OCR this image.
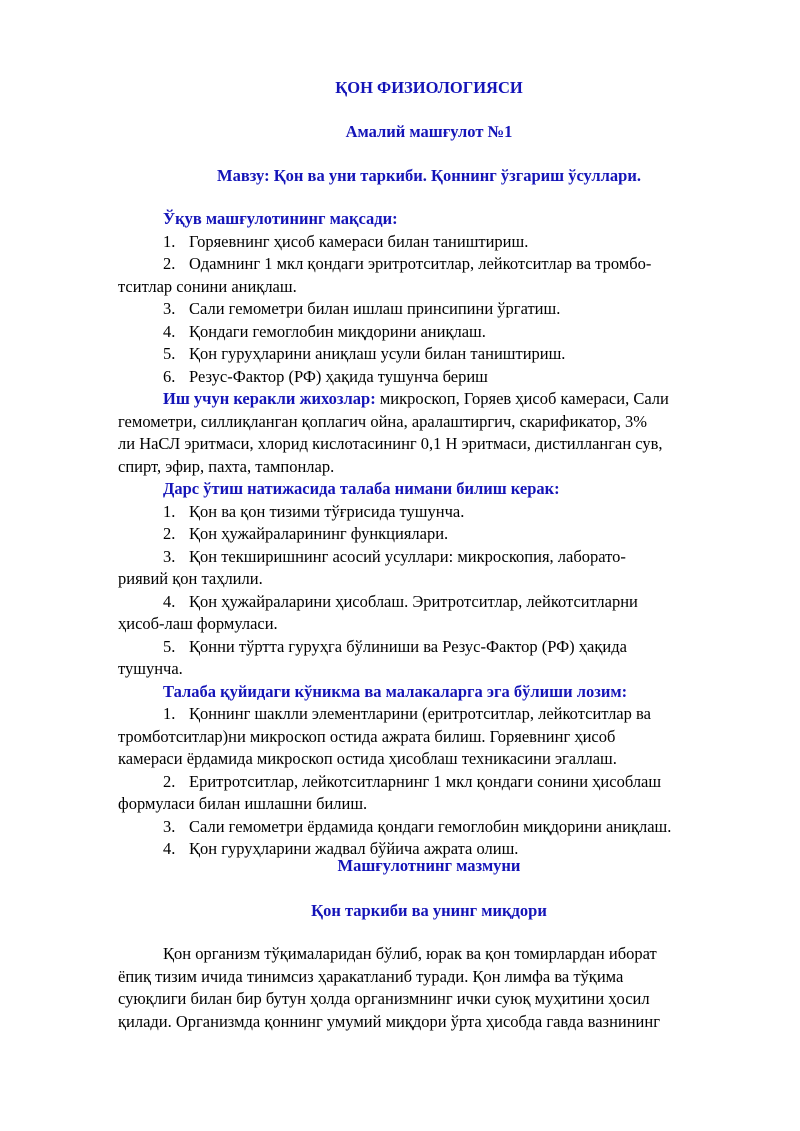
ҚОН ФИЗИОЛОГИЯСИ
Амалий машғулот №1
Мавзу: Қон ва уни таркиби. Қоннинг ўзгариш ўсуллари.

Ўқув машғулотининг мақсади:

1. Горяевнинг ҳисоб камераси билан таништириш.

2. Одамнинг 1 мкл қондаги эритротситлар, лейкотситлар ва тромбо-

тситлар сонини аниқлаш.

3. Сали гемометри билан ишлаш принсипини ўргатиш.

4. Қондаги гемоглобин миқдорини аниқлаш.

5. Қон гуруҳларини аниқлаш усули билан таништириш.

6. Резус-Фактор (РФ) ҳақида тушунча бериш

Иш учун керакли жихозлар: микроскоп, Горяев ҳисоб камераси, Сали

гемометри, силлиқланган қоплагич ойна, аралаштиргич, скарификатор, 3%

ли НаСЛ эритмаси, хлорид кислотасининг 0,1 Н эритмаси, дистилланган сув,

спирт, эфир, пахта, тампонлар.

Дарс ўтиш натижасида талаба нимани билиш керак:

1. Қон ва қон тизими тўғрисида тушунча.

2. Қон ҳужайраларининг функциялари.

3. Қон текширишнинг асосий усуллари: микроскопия, лаборато-

риявий қон таҳлили.

4. Қон ҳужайраларини ҳисоблаш. Эритротситлар, лейкотситларни

ҳисоб-лаш формуласи.

5. Қонни тўртта гуруҳга бўлиниши ва Резус-Фактор (РФ) ҳақида

тушунча.

Талаба қуйидаги кўникма ва малакаларга эга бўлиши лозим:

1. Қоннинг шаклли элементларини (еритротситлар, лейкотситлар ва

тромботситлар)ни микроскоп остида ажрата билиш. Горяевнинг ҳисоб

камераси ёрдамида микроскоп остида ҳисоблаш техникасини эгаллаш.

2. Еритротситлар, лейкотситларнинг 1 мкл қондаги сонини ҳисоблаш

формуласи билан ишлашни билиш.

3. Сали гемометри ёрдамида қондаги гемоглобин миқдорини аниқлаш.

4. Қон гуруҳларини жадвал бўйича ажрата олиш.

Машғулотнинг мазмуни
Қон таркиби ва унинг миқдори

Қон организм тўқималаридан бўлиб, юрак ва қон томирлардан иборат

ёпиқ тизим ичида тинимсиз ҳаракатланиб туради. Қон лимфа ва тўқима

суюқлиги билан бир бутун ҳолда организмнинг ички суюқ муҳитини ҳосил

қилади. Организмда қоннинг умумий миқдори ўрта ҳисобда гавда вазнининг
